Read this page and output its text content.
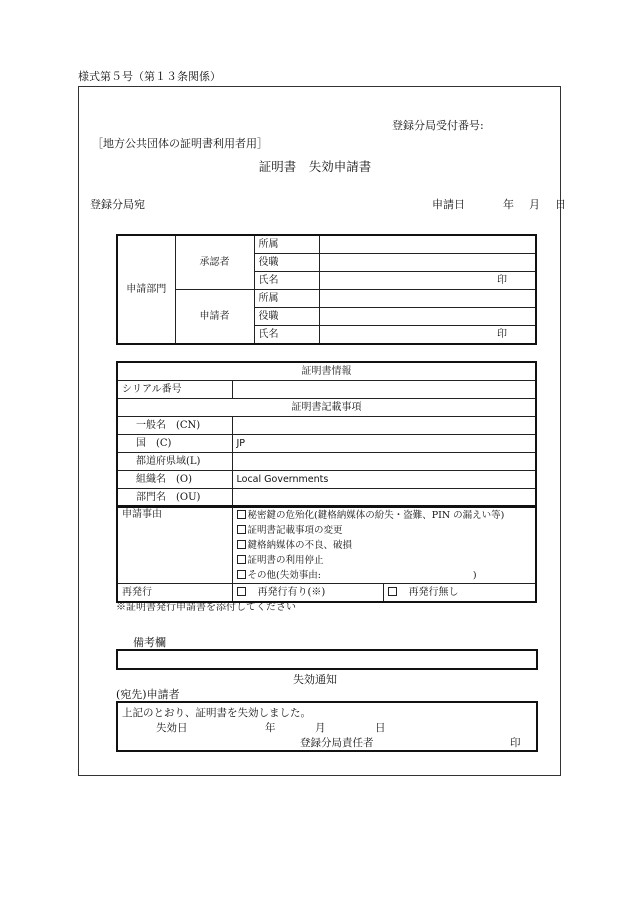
様式第５号（第１３条関係）
登録分局受付番号:
［地方公共団体の証明書利用者用］
証明書　失効申請書
登録分局宛	申請日	年 月 日
申請部門	承認者	所属	
		役職	
		氏名	印
	申請者	所属	
		役職	
		氏名	印
証明書情報	
シリアル番号	
証明書記載事項	
一般名　(CN)	
国　(C)	JP
都道府県域(L)	
組織名　(O)	Local Governments
部門名　(OU)	
申請事由	秘密鍵の危殆化(鍵格納媒体の紛失・盗難、PIN の漏えい等)
証明書記載事項の変更
鍵格納媒体の不良、破損
証明書の利用停止
その他(失効事由:　　　　　　　　　　　　　　　　)	

再発行	　再発行有り(※)	　再発行無し
※証明書発行申請書を添付してください
備考欄
失効通知
(宛先)申請者
上記のとおり、証明書を失効しました。
失効日	年	月	日
登録分局責任者	印
